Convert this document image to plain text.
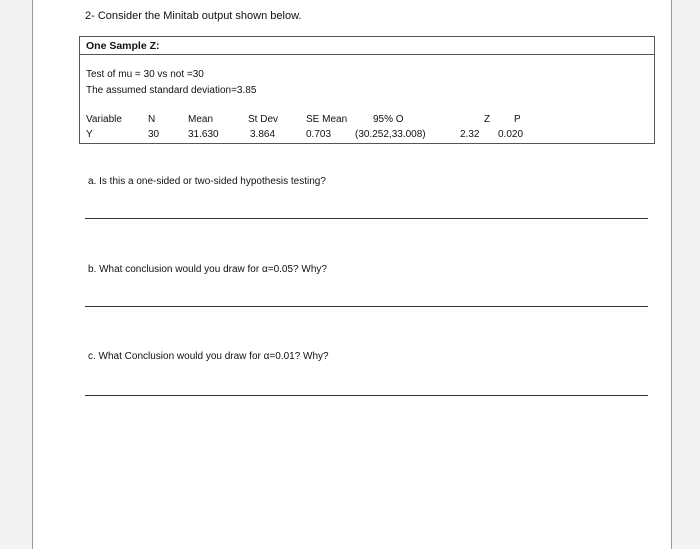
2- Consider the Minitab output shown below.
One Sample Z:
Test of mu = 30 vs not =30
The assumed standard deviation=3.85
Variable	N	Mean	St Dev	SE Mean	95% O	Z P
Y	30	31.630	3.864	0.703 (30.252,33.008)	2.32 0.020
a. Is this a one-sided or two-sided hypothesis testing?
b. What conclusion would you draw for α=0.05? Why?
c. What Conclusion would you draw for α=0.01? Why?
